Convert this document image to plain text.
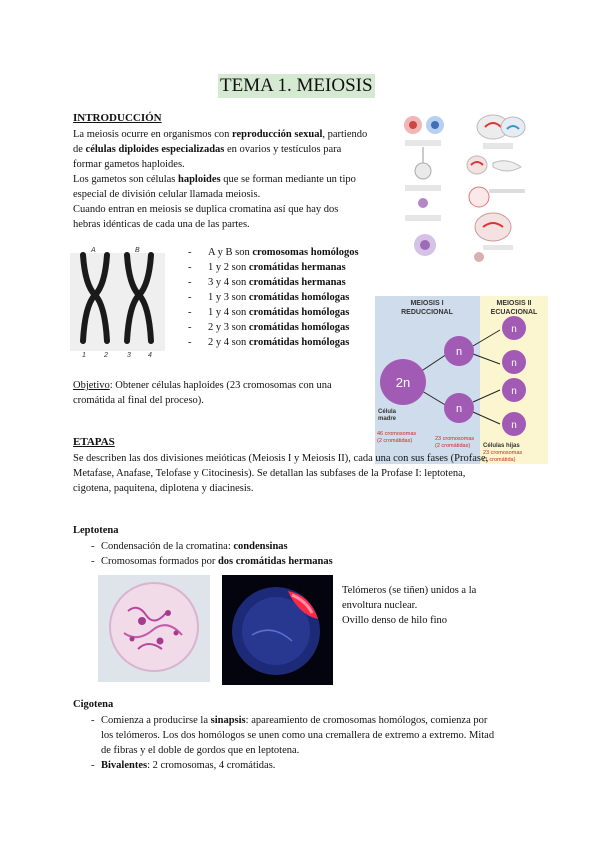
TEMA 1. MEIOSIS
INTRODUCCIÓN
La meiosis ocurre en organismos con reproducción sexual, partiendo
de células diploides especializadas en ovarios y testículos para
formar gametos haploides.
Los gametos son células haploides que se forman mediante un tipo
especial de división celular llamada meiosis.
Cuando entran en meiosis se duplica cromatina así que hay dos
hebras idénticas de cada una de las partes.
A	B
1	2	3 4
- A y B son cromosomas homólogos
- 1 y 2 son cromátidas hermanas
- 3 y 4 son cromátidas hermanas
- 1 y 3 son cromátidas homólogas
- 1 y 4 son cromátidas homólogas
- 2 y 3 son cromátidas homólogas
- 2 y 4 son cromátidas homólogas
Objetivo: Obtener células haploides (23 cromosomas con una
cromátida al final del proceso).
MEIOSIS I
REDUCCIONAL
MEIOSIS II
ECUACIONAL
2n
n
n
n
n
n
n
Célula
madre
46 cromosomas
(2 cromátidas)	23 cromosomas
(2 cromátidas) Células hijas
23 cromosomas
(1 cromátida)
ETAPAS
Se describen las dos divisiones meióticas (Meiosis I y Meiosis II), cada una con sus fases (Profase,
Metafase, Anafase, Telofase y Citocinesis). Se detallan las subfases de la Profase I: leptotena,
cigotena, paquitena, diplotena y diacinesis.
Leptotena
- Condensación de la cromatina: condensinas
- Cromosomas formados por dos cromátidas hermanas
Telómeros (se tiñen) unidos a la
envoltura nuclear.
Ovillo denso de hilo fino
Cigotena
- Comienza a producirse la sinapsis: apareamiento de cromosomas homólogos, comienza por
los telómeros. Los dos homólogos se unen como una cremallera de extremo a extremo. Mitad
de fibras y el doble de gordos que en leptotena.
- Bivalentes: 2 cromosomas, 4 cromátidas.
